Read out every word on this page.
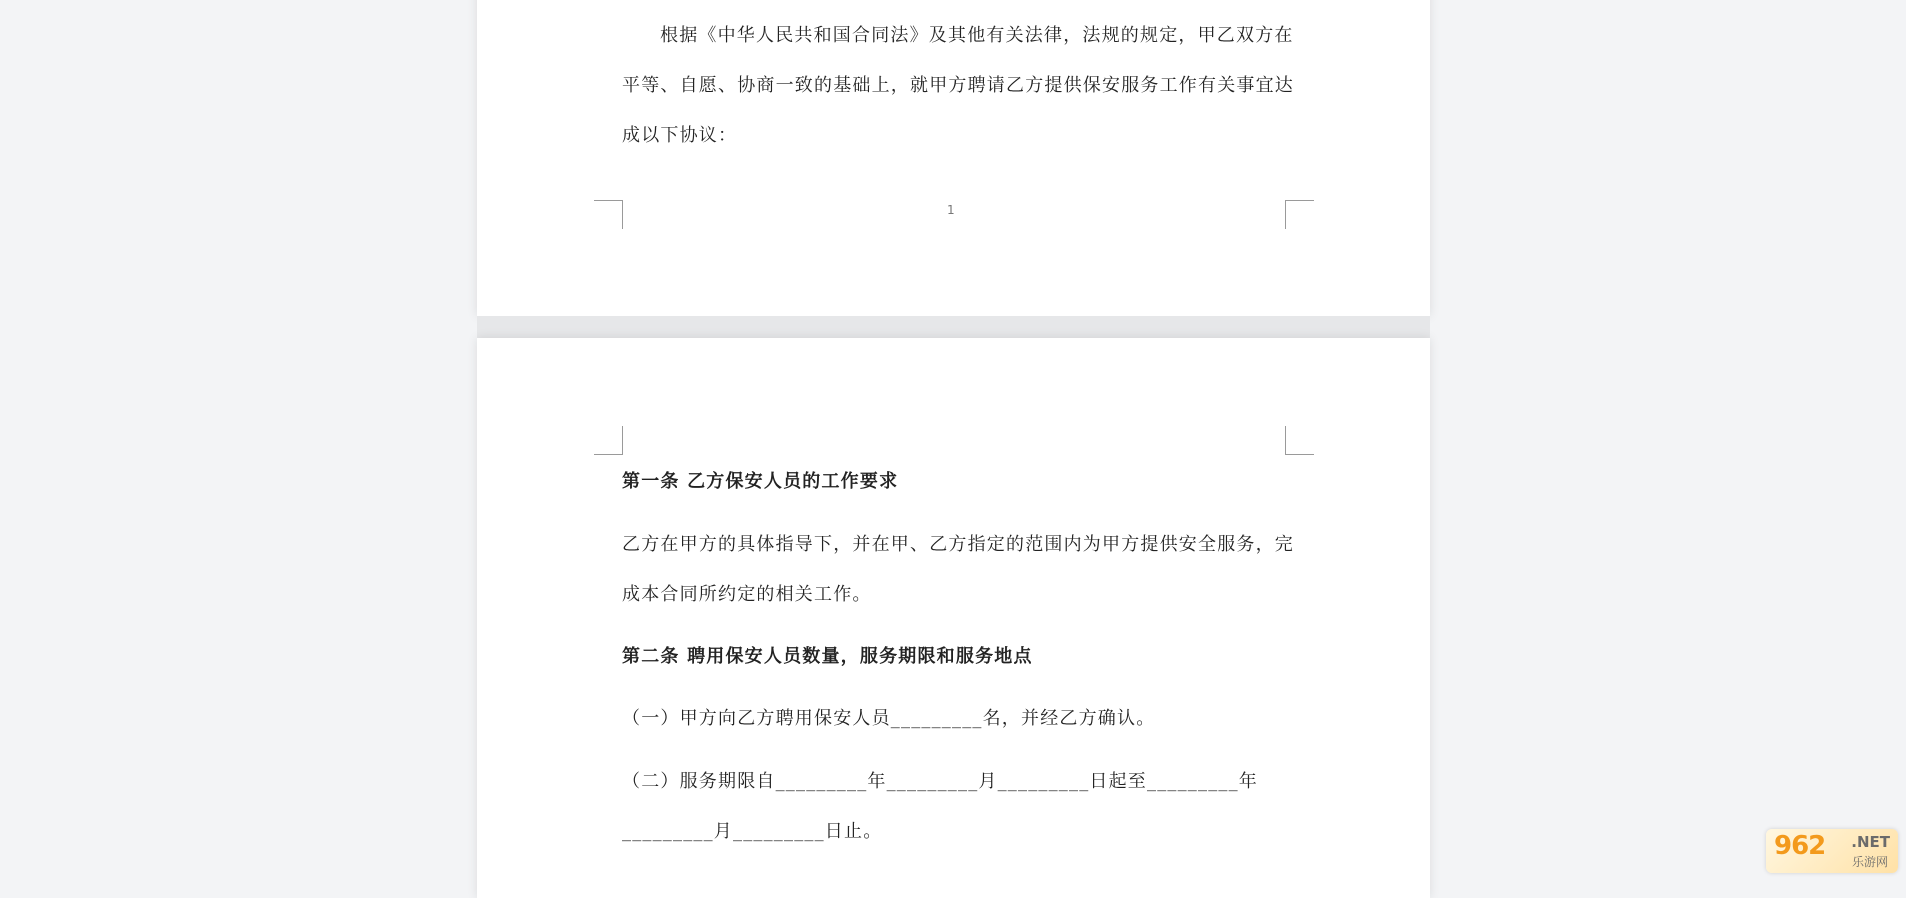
根据《中华人民共和国合同法》及其他有关法律，法规的规定，甲乙双方在
平等、自愿、协商一致的基础上，就甲方聘请乙方提供保安服务工作有关事宜达
成以下协议：
1
第一条 乙方保安人员的工作要求
乙方在甲方的具体指导下，并在甲、乙方指定的范围内为甲方提供安全服务，完
成本合同所约定的相关工作。
第二条 聘用保安人员数量，服务期限和服务地点
（一）甲方向乙方聘用保安人员_________名，并经乙方确认。
（二）服务期限自_________年_________月_________日起至_________年
_________月_________日止。	962 .NET
乐游网
